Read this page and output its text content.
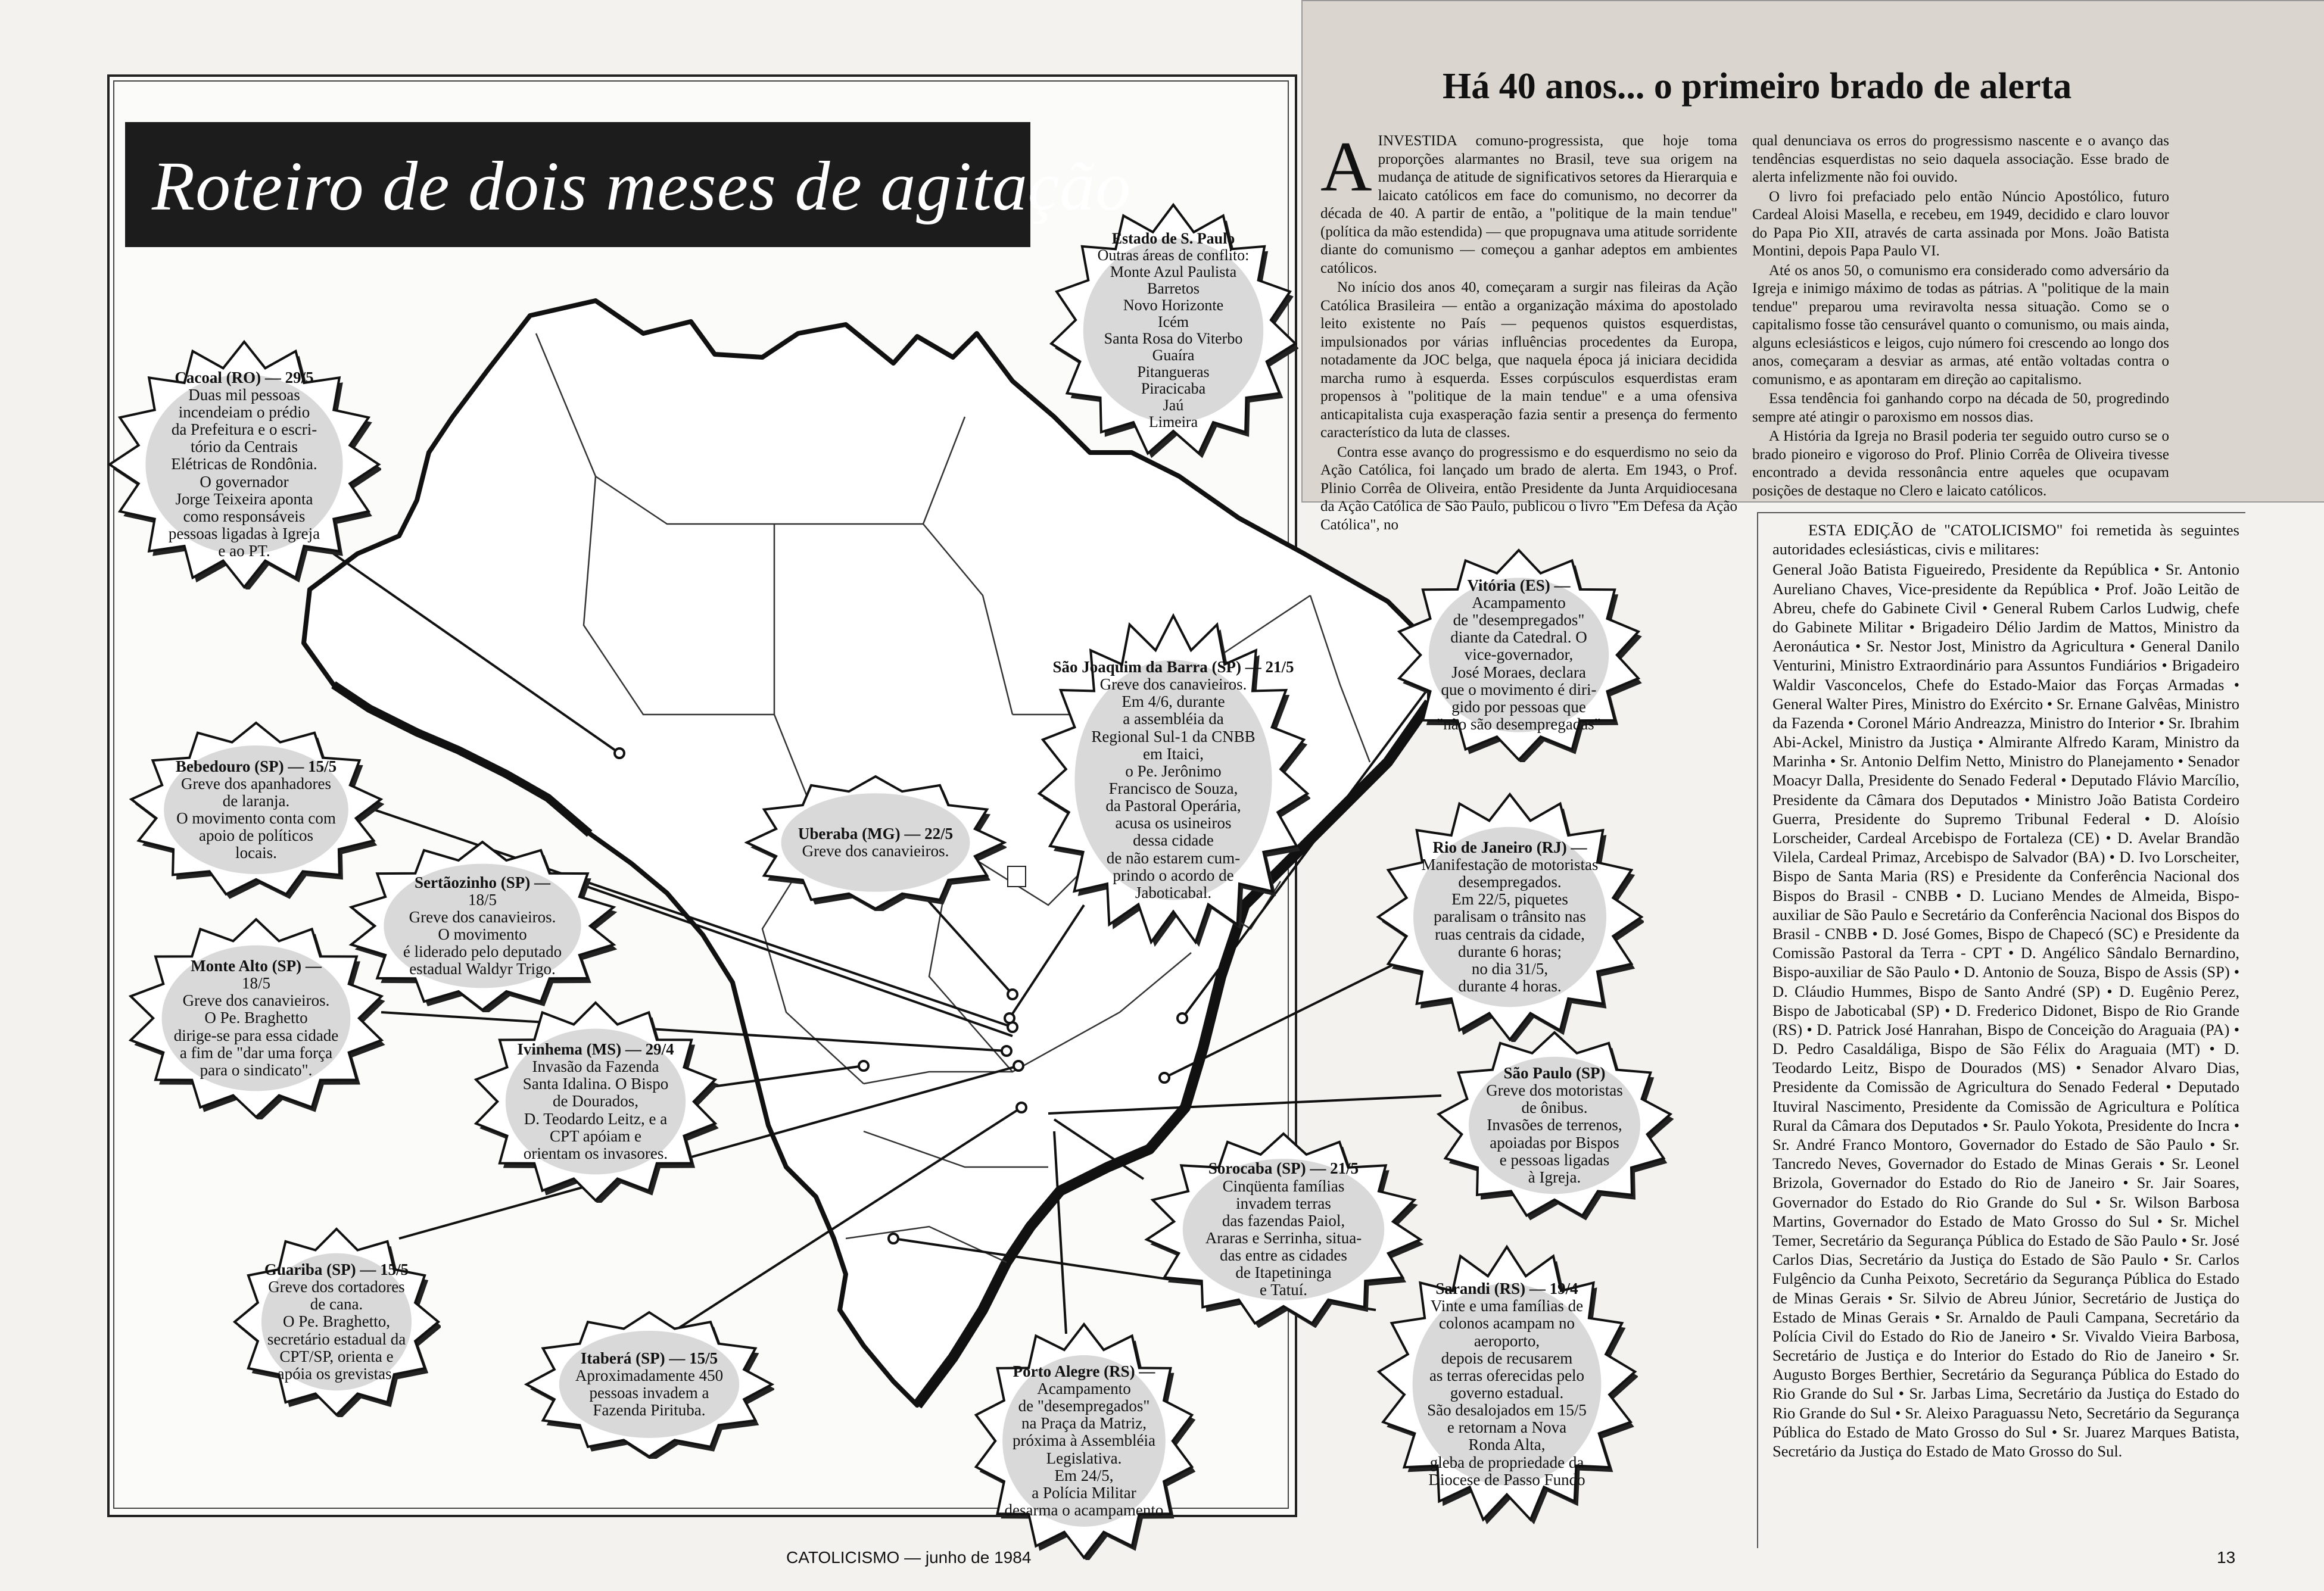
Roteiro de dois meses de agitação
Estado de S. Paulo
Outras áreas de conflito:
Monte Azul Paulista
Barretos
Novo Horizonte
Icém
Santa Rosa do Viterbo
Guaíra
Pitangueras
Piracicaba
Jaú
Limeira
Cacoal (RO) — 29/5
Duas mil pessoas
incendeiam o prédio
da Prefeitura e o escri-
tório da Centrais
Elétricas de Rondônia.
O governador
Jorge Teixeira aponta
como responsáveis
pessoas ligadas à Igreja
e ao PT.
Vitória (ES) —
Acampamento
de "desempregados"
diante da Catedral. O
vice-governador,
José Moraes, declara
que o movimento é diri-
gido por pessoas que
"não são desempregadas"
São Joaquim da Barra (SP) — 21/5
Greve dos canavieiros.
Em 4/6, durante
a assembléia da
Regional Sul-1 da CNBB
em Itaici,
o Pe. Jerônimo
Francisco de Souza,
da Pastoral Operária,
acusa os usineiros
dessa cidade
de não estarem cum-
prindo o acordo de
Jaboticabal.
Bebedouro (SP) — 15/5
Greve dos apanhadores
de laranja.
O movimento conta com
apoio de políticos
locais.
Uberaba (MG) — 22/5
Greve dos canavieiros.	Rio de Janeiro (RJ) —
Manifestação de motoristas
desempregados.
Em 22/5, piquetes
paralisam o trânsito nas
ruas centrais da cidade,
durante 6 horas;
no dia 31/5,
durante 4 horas.
Sertãozinho (SP) —
18/5
Greve dos canavieiros.
O movimento
é liderado pelo deputado
estadual Waldyr Trigo.
Monte Alto (SP) —
18/5
Greve dos canavieiros.
O Pe. Braghetto
dirige-se para essa cidade
a fim de "dar uma força
para o sindicato".
Ivinhema (MS) — 29/4
Invasão da Fazenda
Santa Idalina. O Bispo
de Dourados,
D. Teodardo Leitz, e a
CPT apóiam e
orientam os invasores.
São Paulo (SP)
Greve dos motoristas
de ônibus.
Invasões de terrenos,
apoiadas por Bispos
e pessoas ligadas
à Igreja.
Sorocaba (SP) — 21/5
Cinqüenta famílias
invadem terras
das fazendas Paiol,
Araras e Serrinha, situa-
das entre as cidades
de Itapetininga
e Tatuí.
Guariba (SP) — 15/5
Greve dos cortadores
de cana.
O Pe. Braghetto,
secretário estadual da
CPT/SP, orienta e
apóia os grevistas.
Sarandi (RS) — 19/4
Vinte e uma famílias de
colonos acampam no
aeroporto,
depois de recusarem
as terras oferecidas pelo
governo estadual.
São desalojados em 15/5
e retornam a Nova
Ronda Alta,
gleba de propriedade da
Diocese de Passo Fundo
Itaberá (SP) — 15/5
Aproximadamente 450
pessoas invadem a
Fazenda Pirituba.
Porto Alegre (RS) —
Acampamento
de "desempregados"
na Praça da Matriz,
próxima à Assembléia
Legislativa.
Em 24/5,
a Polícia Militar
desarma o acampamento
Há 40 anos... o primeiro brado de alerta

AINVESTIDA comuno-progressista, que hoje toma proporções alarmantes no Brasil, teve sua origem na mudança de atitude de significativos setores da Hierarquia e laicato católicos em face do comunismo, no decorrer da década de 40. A partir de então, a "politique de la main tendue" (política da mão estendida) — que propugnava uma atitude sorridente diante do comunismo — começou a ganhar adeptos em ambientes católicos.

No início dos anos 40, começaram a surgir nas fileiras da Ação Católica Brasileira — então a organização máxima do apostolado leito existente no País — pequenos quistos esquerdistas, impulsionados por várias influências procedentes da Europa, notadamente da JOC belga, que naquela época já iniciara decidida marcha rumo à esquerda. Esses corpúsculos esquerdistas eram propensos à "politique de la main tendue" e a uma ofensiva anticapitalista cuja exasperação fazia sentir a presença do fermento característico da luta de classes.

Contra esse avanço do progressismo e do esquerdismo no seio da Ação Católica, foi lançado um brado de alerta. Em 1943, o Prof. Plinio Corrêa de Oliveira, então Presidente da Junta Arquidiocesana da Ação Católica de São Paulo, publicou o livro "Em Defesa da Ação Católica", no

qual denunciava os erros do progressismo nascente e o avanço das tendências esquerdistas no seio daquela associação. Esse brado de alerta infelizmente não foi ouvido.

O livro foi prefaciado pelo então Núncio Apostólico, futuro Cardeal Aloisi Masella, e recebeu, em 1949, decidido e claro louvor do Papa Pio XII, através de carta assinada por Mons. João Batista Montini, depois Papa Paulo VI.

Até os anos 50, o comunismo era considerado como adversário da Igreja e inimigo máximo de todas as pátrias. A "politique de la main tendue" preparou uma reviravolta nessa situação. Como se o capitalismo fosse tão censurável quanto o comunismo, ou mais ainda, alguns eclesiásticos e leigos, cujo número foi crescendo ao longo dos anos, começaram a desviar as armas, até então voltadas contra o comunismo, e as apontaram em direção ao capitalismo.

Essa tendência foi ganhando corpo na década de 50, progredindo sempre até atingir o paroxismo em nossos dias.

A História da Igreja no Brasil poderia ter seguido outro curso se o brado pioneiro e vigoroso do Prof. Plinio Corrêa de Oliveira tivesse encontrado a devida ressonância entre aqueles que ocupavam posições de destaque no Clero e laicato católicos.

ESTA EDIÇÃO de "CATOLICISMO" foi remetida às seguintes autoridades eclesiásticas, civis e militares:

General João Batista Figueiredo, Presidente da República • Sr. Antonio Aureliano Chaves, Vice-presidente da República • Prof. João Leitão de Abreu, chefe do Gabinete Civil • General Rubem Carlos Ludwig, chefe do Gabinete Militar • Brigadeiro Délio Jardim de Mattos, Ministro da Aeronáutica • Sr. Nestor Jost, Ministro da Agricultura • General Danilo Venturini, Ministro Extraordinário para Assuntos Fundiários • Brigadeiro Waldir Vasconcelos, Chefe do Estado-Maior das Forças Armadas • General Walter Pires, Ministro do Exército • Sr. Ernane Galvêas, Ministro da Fazenda • Coronel Mário Andreazza, Ministro do Interior • Sr. Ibrahim Abi-Ackel, Ministro da Justiça • Almirante Alfredo Karam, Ministro da Marinha • Sr. Antonio Delfim Netto, Ministro do Planejamento • Senador Moacyr Dalla, Presidente do Senado Federal • Deputado Flávio Marcílio, Presidente da Câmara dos Deputados • Ministro João Batista Cordeiro Guerra, Presidente do Supremo Tribunal Federal • D. Aloísio Lorscheider, Cardeal Arcebispo de Fortaleza (CE) • D. Avelar Brandão Vilela, Cardeal Primaz, Arcebispo de Salvador (BA) • D. Ivo Lorscheiter, Bispo de Santa Maria (RS) e Presidente da Conferência Nacional dos Bispos do Brasil - CNBB • D. Luciano Mendes de Almeida, Bispo-auxiliar de São Paulo e Secretário da Conferência Nacional dos Bispos do Brasil - CNBB • D. José Gomes, Bispo de Chapecó (SC) e Presidente da Comissão Pastoral da Terra - CPT • D. Angélico Sândalo Bernardino, Bispo-auxiliar de São Paulo • D. Antonio de Souza, Bispo de Assis (SP) • D. Cláudio Hummes, Bispo de Santo André (SP) • D. Eugênio Perez, Bispo de Jaboticabal (SP) • D. Frederico Didonet, Bispo de Rio Grande (RS) • D. Patrick José Hanrahan, Bispo de Conceição do Araguaia (PA) • D. Pedro Casaldáliga, Bispo de São Félix do Araguaia (MT) • D. Teodardo Leitz, Bispo de Dourados (MS) • Senador Alvaro Dias, Presidente da Comissão de Agricultura do Senado Federal • Deputado Ituviral Nascimento, Presidente da Comissão de Agricultura e Política Rural da Câmara dos Deputados • Sr. Paulo Yokota, Presidente do Incra • Sr. André Franco Montoro, Governador do Estado de São Paulo • Sr. Tancredo Neves, Governador do Estado de Minas Gerais • Sr. Leonel Brizola, Governador do Estado do Rio de Janeiro • Sr. Jair Soares, Governador do Estado do Rio Grande do Sul • Sr. Wilson Barbosa Martins, Governador do Estado de Mato Grosso do Sul • Sr. Michel Temer, Secretário da Segurança Pública do Estado de São Paulo • Sr. José Carlos Dias, Secretário da Justiça do Estado de São Paulo • Sr. Carlos Fulgêncio da Cunha Peixoto, Secretário da Segurança Pública do Estado de Minas Gerais • Sr. Silvio de Abreu Júnior, Secretário de Justiça do Estado de Minas Gerais • Sr. Arnaldo de Pauli Campana, Secretário da Polícia Civil do Estado do Rio de Janeiro • Sr. Vivaldo Vieira Barbosa, Secretário de Justiça e do Interior do Estado do Rio de Janeiro • Sr. Augusto Borges Berthier, Secretário da Segurança Pública do Estado do Rio Grande do Sul • Sr. Jarbas Lima, Secretário da Justiça do Estado do Rio Grande do Sul • Sr. Aleixo Paraguassu Neto, Secretário da Segurança Pública do Estado de Mato Grosso do Sul • Sr. Juarez Marques Batista, Secretário da Justiça do Estado de Mato Grosso do Sul.

CATOLICISMO — junho de 1984	13
